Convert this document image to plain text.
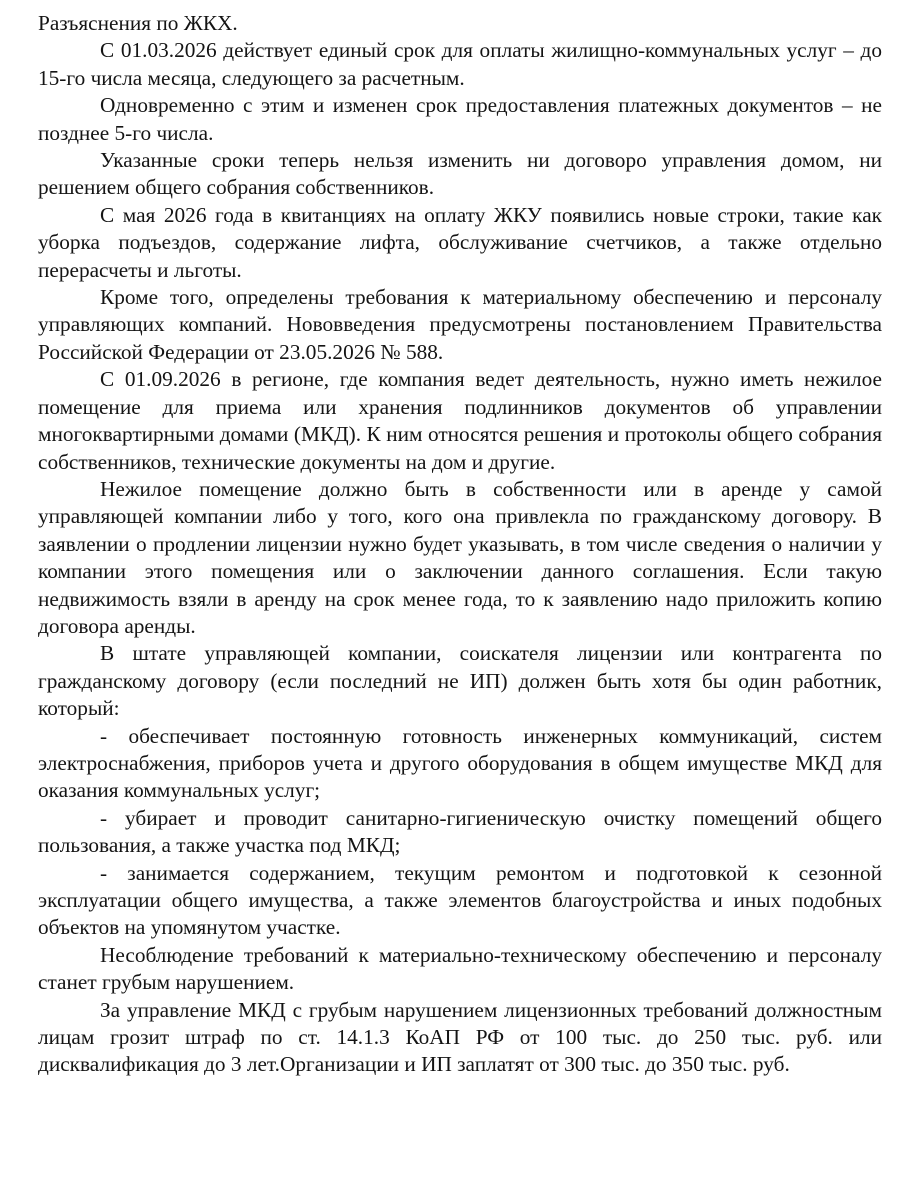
Разъяснения по ЖКХ.

С 01.03.2026 действует единый срок для оплаты жилищно-коммунальных услуг – до 15-го числа месяца, следующего за расчетным.

Одновременно с этим и изменен срок предоставления платежных документов – не позднее 5-го числа.

Указанные сроки теперь нельзя изменить ни договоро управления домом, ни решением общего собрания собственников.

С мая 2026 года в квитанциях на оплату ЖКУ появились новые строки, такие как уборка подъездов, содержание лифта, обслуживание счетчиков, а также отдельно перерасчеты и льготы.

Кроме того, определены требования к материальному обеспечению и персоналу управляющих компаний. Нововведения предусмотрены постановлением Правительства Российской Федерации от 23.05.2026 № 588.

С 01.09.2026 в регионе, где компания ведет деятельность, нужно иметь нежилое помещение для приема или хранения подлинников документов об управлении многоквартирными домами (МКД). К ним относятся решения и протоколы общего собрания собственников, технические документы на дом и другие.

Нежилое помещение должно быть в собственности или в аренде у самой управляющей компании либо у того, кого она привлекла по гражданскому договору. В заявлении о продлении лицензии нужно будет указывать, в том числе сведения о наличии у компании этого помещения или о заключении данного соглашения. Если такую недвижимость взяли в аренду на срок менее года, то к заявлению надо приложить копию договора аренды.

В штате управляющей компании, соискателя лицензии или контрагента по гражданскому договору (если последний не ИП) должен быть хотя бы один работник, который:

- обеспечивает постоянную готовность инженерных коммуникаций, систем электроснабжения, приборов учета и другого оборудования в общем имуществе МКД для оказания коммунальных услуг;

- убирает и проводит санитарно-гигиеническую очистку помещений общего пользования, а также участка под МКД;

- занимается содержанием, текущим ремонтом и подготовкой к сезонной эксплуатации общего имущества, а также элементов благоустройства и иных подобных объектов на упомянутом участке.

Несоблюдение требований к материально-техническому обеспечению и персоналу станет грубым нарушением.

За управление МКД с грубым нарушением лицензионных требований должностным лицам грозит штраф по ст. 14.1.3 КоАП РФ от 100 тыс. до 250 тыс. руб. или дисквалификация до 3 лет.Организации и ИП заплатят от 300 тыс. до 350 тыс. руб.
